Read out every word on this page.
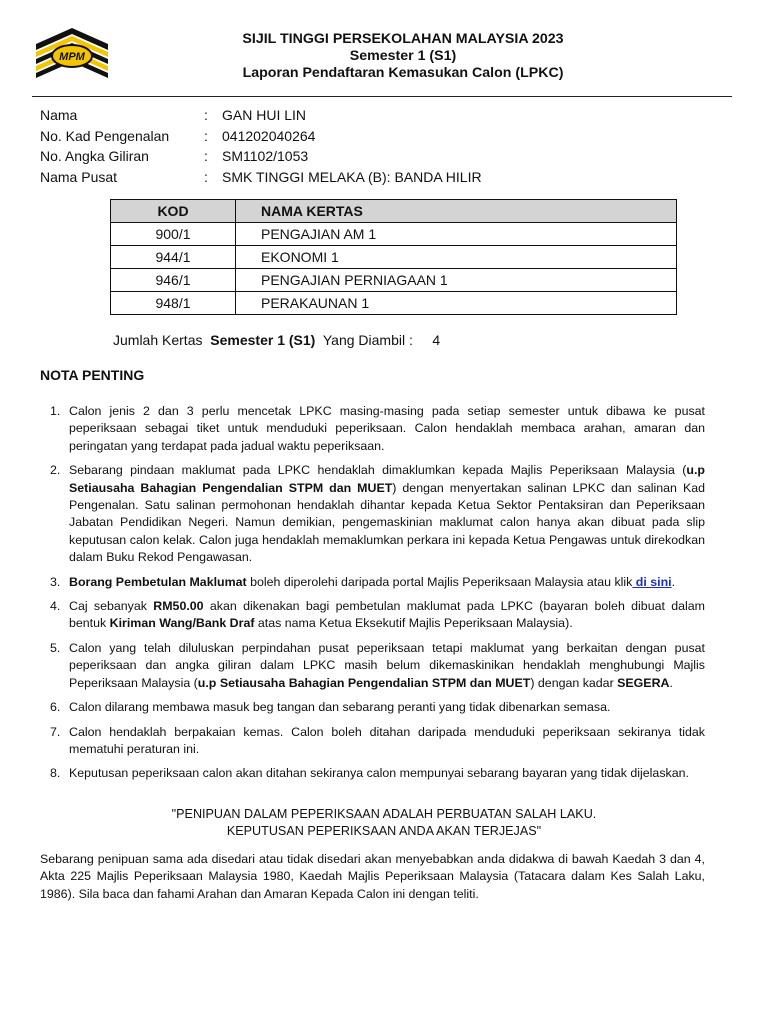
MPM
SIJIL TINGGI PERSEKOLAHAN MALAYSIA 2023
Semester 1 (S1)
Laporan Pendaftaran Kemasukan Calon (LPKC)
Nama	: GAN HUI LIN
No. Kad Pengenalan : 041202040264
No. Angka Giliran	: SM1102/1053
Nama Pusat	: SMK TINGGI MELAKA (B): BANDA HILIR
KOD	NAMA KERTAS
900/1	PENGAJIAN AM 1
944/1	EKONOMI 1
946/1	PENGAJIAN PERNIAGAAN 1
948/1	PERAKAUNAN 1
Jumlah Kertas Semester 1 (S1) Yang Diambil : 4
NOTA PENTING
1. Calon jenis 2 dan 3 perlu mencetak LPKC masing-masing pada setiap semester untuk dibawa ke pusat peperiksaan sebagai tiket untuk menduduki peperiksaan. Calon hendaklah membaca arahan, amaran dan peringatan yang terdapat pada jadual waktu peperiksaan.
2. Sebarang pindaan maklumat pada LPKC hendaklah dimaklumkan kepada Majlis Peperiksaan Malaysia (u.p Setiausaha Bahagian Pengendalian STPM dan MUET) dengan menyertakan salinan LPKC dan salinan Kad Pengenalan. Satu salinan permohonan hendaklah dihantar kepada Ketua Sektor Pentaksiran dan Peperiksaan Jabatan Pendidikan Negeri. Namun demikian, pengemaskinian maklumat calon hanya akan dibuat pada slip keputusan calon kelak. Calon juga hendaklah memaklumkan perkara ini kepada Ketua Pengawas untuk direkodkan dalam Buku Rekod Pengawasan.
3. Borang Pembetulan Maklumat boleh diperolehi daripada portal Majlis Peperiksaan Malaysia atau klik di sini.
4. Caj sebanyak RM50.00 akan dikenakan bagi pembetulan maklumat pada LPKC (bayaran boleh dibuat dalam bentuk Kiriman Wang/Bank Draf atas nama Ketua Eksekutif Majlis Peperiksaan Malaysia).
5. Calon yang telah diluluskan perpindahan pusat peperiksaan tetapi maklumat yang berkaitan dengan pusat peperiksaan dan angka giliran dalam LPKC masih belum dikemaskinikan hendaklah menghubungi Majlis Peperiksaan Malaysia (u.p Setiausaha Bahagian Pengendalian STPM dan MUET) dengan kadar SEGERA.
6. Calon dilarang membawa masuk beg tangan dan sebarang peranti yang tidak dibenarkan semasa.
7. Calon hendaklah berpakaian kemas. Calon boleh ditahan daripada menduduki peperiksaan sekiranya tidak mematuhi peraturan ini.
8. Keputusan peperiksaan calon akan ditahan sekiranya calon mempunyai sebarang bayaran yang tidak dijelaskan.
"PENIPUAN DALAM PEPERIKSAAN ADALAH PERBUATAN SALAH LAKU.
KEPUTUSAN PEPERIKSAAN ANDA AKAN TERJEJAS"
Sebarang penipuan sama ada disedari atau tidak disedari akan menyebabkan anda didakwa di bawah Kaedah 3 dan 4, Akta 225 Majlis Peperiksaan Malaysia 1980, Kaedah Majlis Peperiksaan Malaysia (Tatacara dalam Kes Salah Laku, 1986). Sila baca dan fahami Arahan dan Amaran Kepada Calon ini dengan teliti.
